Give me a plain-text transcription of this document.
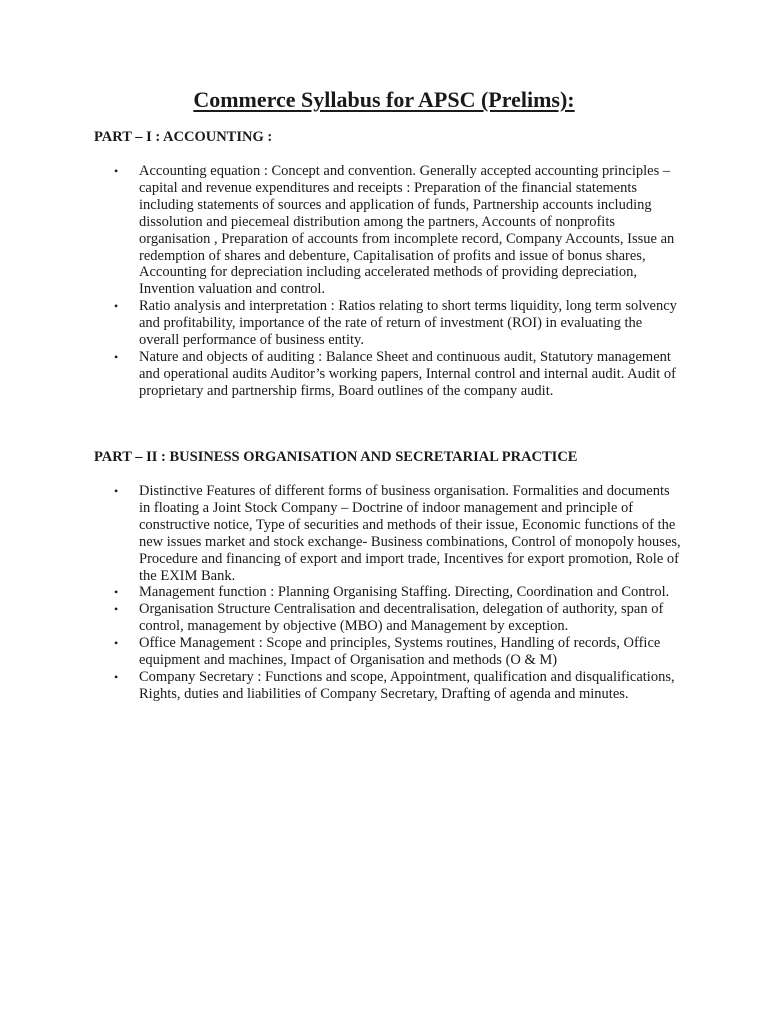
Commerce Syllabus for APSC (Prelims):
PART – I : ACCOUNTING :
• Accounting equation : Concept and convention. Generally accepted accounting principles – capital and revenue expenditures and receipts : Preparation of the financial statements including statements of sources and application of funds, Partnership accounts including dissolution and piecemeal distribution among the partners, Accounts of nonprofits organisation , Preparation of accounts from incomplete record, Company Accounts, Issue an redemption of shares and debenture, Capitalisation of profits and issue of bonus shares, Accounting for depreciation including accelerated methods of providing depreciation, Invention valuation and control.
• Ratio analysis and interpretation : Ratios relating to short terms liquidity, long term solvency and profitability, importance of the rate of return of investment (ROI) in evaluating the overall performance of business entity.
• Nature and objects of auditing : Balance Sheet and continuous audit, Statutory management and operational audits Auditor’s working papers, Internal control and internal audit. Audit of proprietary and partnership firms, Board outlines of the company audit.
PART – II : BUSINESS ORGANISATION AND SECRETARIAL PRACTICE
• Distinctive Features of different forms of business organisation. Formalities and documents in floating a Joint Stock Company – Doctrine of indoor management and principle of constructive notice, Type of securities and methods of their issue, Economic functions of the new issues market and stock exchange- Business combinations, Control of monopoly houses, Procedure and financing of export and import trade, Incentives for export promotion, Role of the EXIM Bank.
• Management function : Planning Organising Staffing. Directing, Coordination and Control.
• Organisation Structure Centralisation and decentralisation, delegation of authority, span of control, management by objective (MBO) and Management by exception.
• Office Management : Scope and principles, Systems routines, Handling of records, Office equipment and machines, Impact of Organisation and methods (O & M)
• Company Secretary : Functions and scope, Appointment, qualification and disqualifications, Rights, duties and liabilities of Company Secretary, Drafting of agenda and minutes.
